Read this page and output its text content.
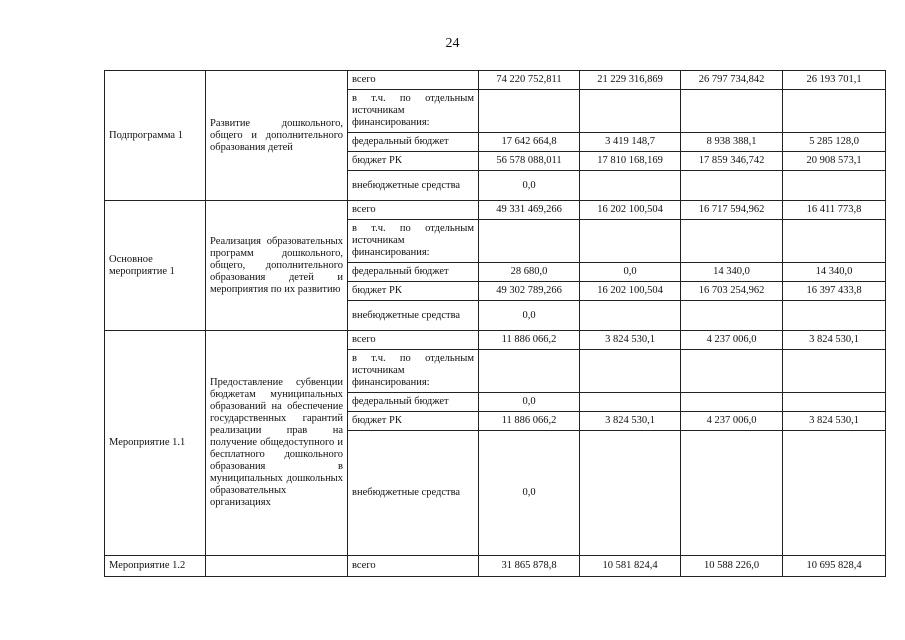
24
Подпрограмма 1	Развитие дошкольного, общего и дополнительного образования детей	всего	74 220 752,811	21 229 316,869	26 797 734,842	26 193 701,1
		в т.ч. по отдельным источникам финансирования:				
		федеральный бюджет	17 642 664,8	3 419 148,7	8 938 388,1	5 285 128,0
		бюджет РК	56 578 088,011	17 810 168,169	17 859 346,742	20 908 573,1
		внебюджетные средства	0,0			
Основное мероприятие 1	Реализация образовательных программ дошкольного, общего, дополнительного образования детей и мероприятия по их развитию	всего	49 331 469,266	16 202 100,504	16 717 594,962	16 411 773,8
		в т.ч. по отдельным источникам финансирования:				
		федеральный бюджет	28 680,0	0,0	14 340,0	14 340,0
		бюджет РК	49 302 789,266	16 202 100,504	16 703 254,962	16 397 433,8
		внебюджетные средства	0,0			
Мероприятие 1.1	Предоставление субвенции бюджетам муниципальных образований на обеспечение государственных гарантий реализации прав на получение общедоступного и бесплатного дошкольного образования в муниципальных дошкольных образовательных организациях	всего	11 886 066,2	3 824 530,1	4 237 006,0	3 824 530,1
		в т.ч. по отдельным источникам финансирования:				
		федеральный бюджет	0,0			
		бюджет РК	11 886 066,2	3 824 530,1	4 237 006,0	3 824 530,1
		внебюджетные средства	0,0			
Мероприятие 1.2		всего	31 865 878,8	10 581 824,4	10 588 226,0	10 695 828,4
